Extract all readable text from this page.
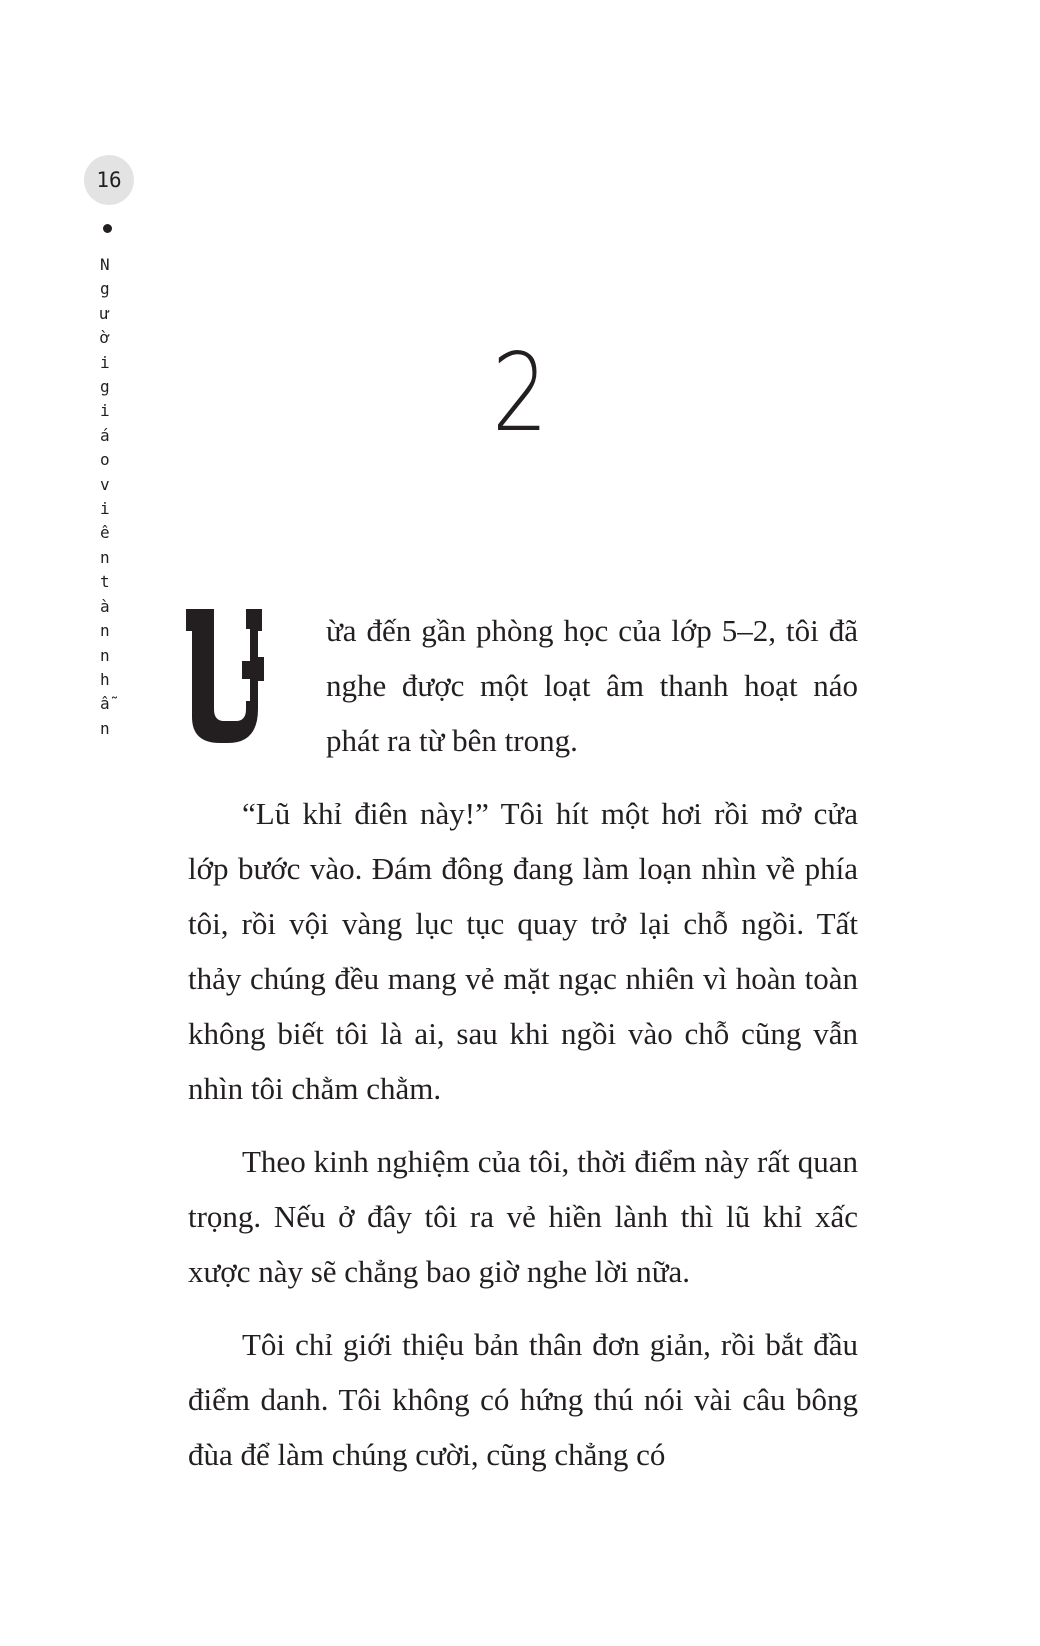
16

Người giáo viên tàn nhẫn

2

ừa đến gần phòng học của lớp 5–2, tôi đã nghe được một loạt âm thanh hoạt náo phát ra từ bên trong.

“Lũ khỉ điên này!” Tôi hít một hơi rồi mở cửa lớp bước vào. Đám đông đang làm loạn nhìn về phía tôi, rồi vội vàng lục tục quay trở lại chỗ ngồi. Tất thảy chúng đều mang vẻ mặt ngạc nhiên vì hoàn toàn không biết tôi là ai, sau khi ngồi vào chỗ cũng vẫn nhìn tôi chằm chằm.

Theo kinh nghiệm của tôi, thời điểm này rất quan trọng. Nếu ở đây tôi ra vẻ hiền lành thì lũ khỉ xấc xược này sẽ chẳng bao giờ nghe lời nữa.

Tôi chỉ giới thiệu bản thân đơn giản, rồi bắt đầu điểm danh. Tôi không có hứng thú nói vài câu bông đùa để làm chúng cười, cũng chẳng có
